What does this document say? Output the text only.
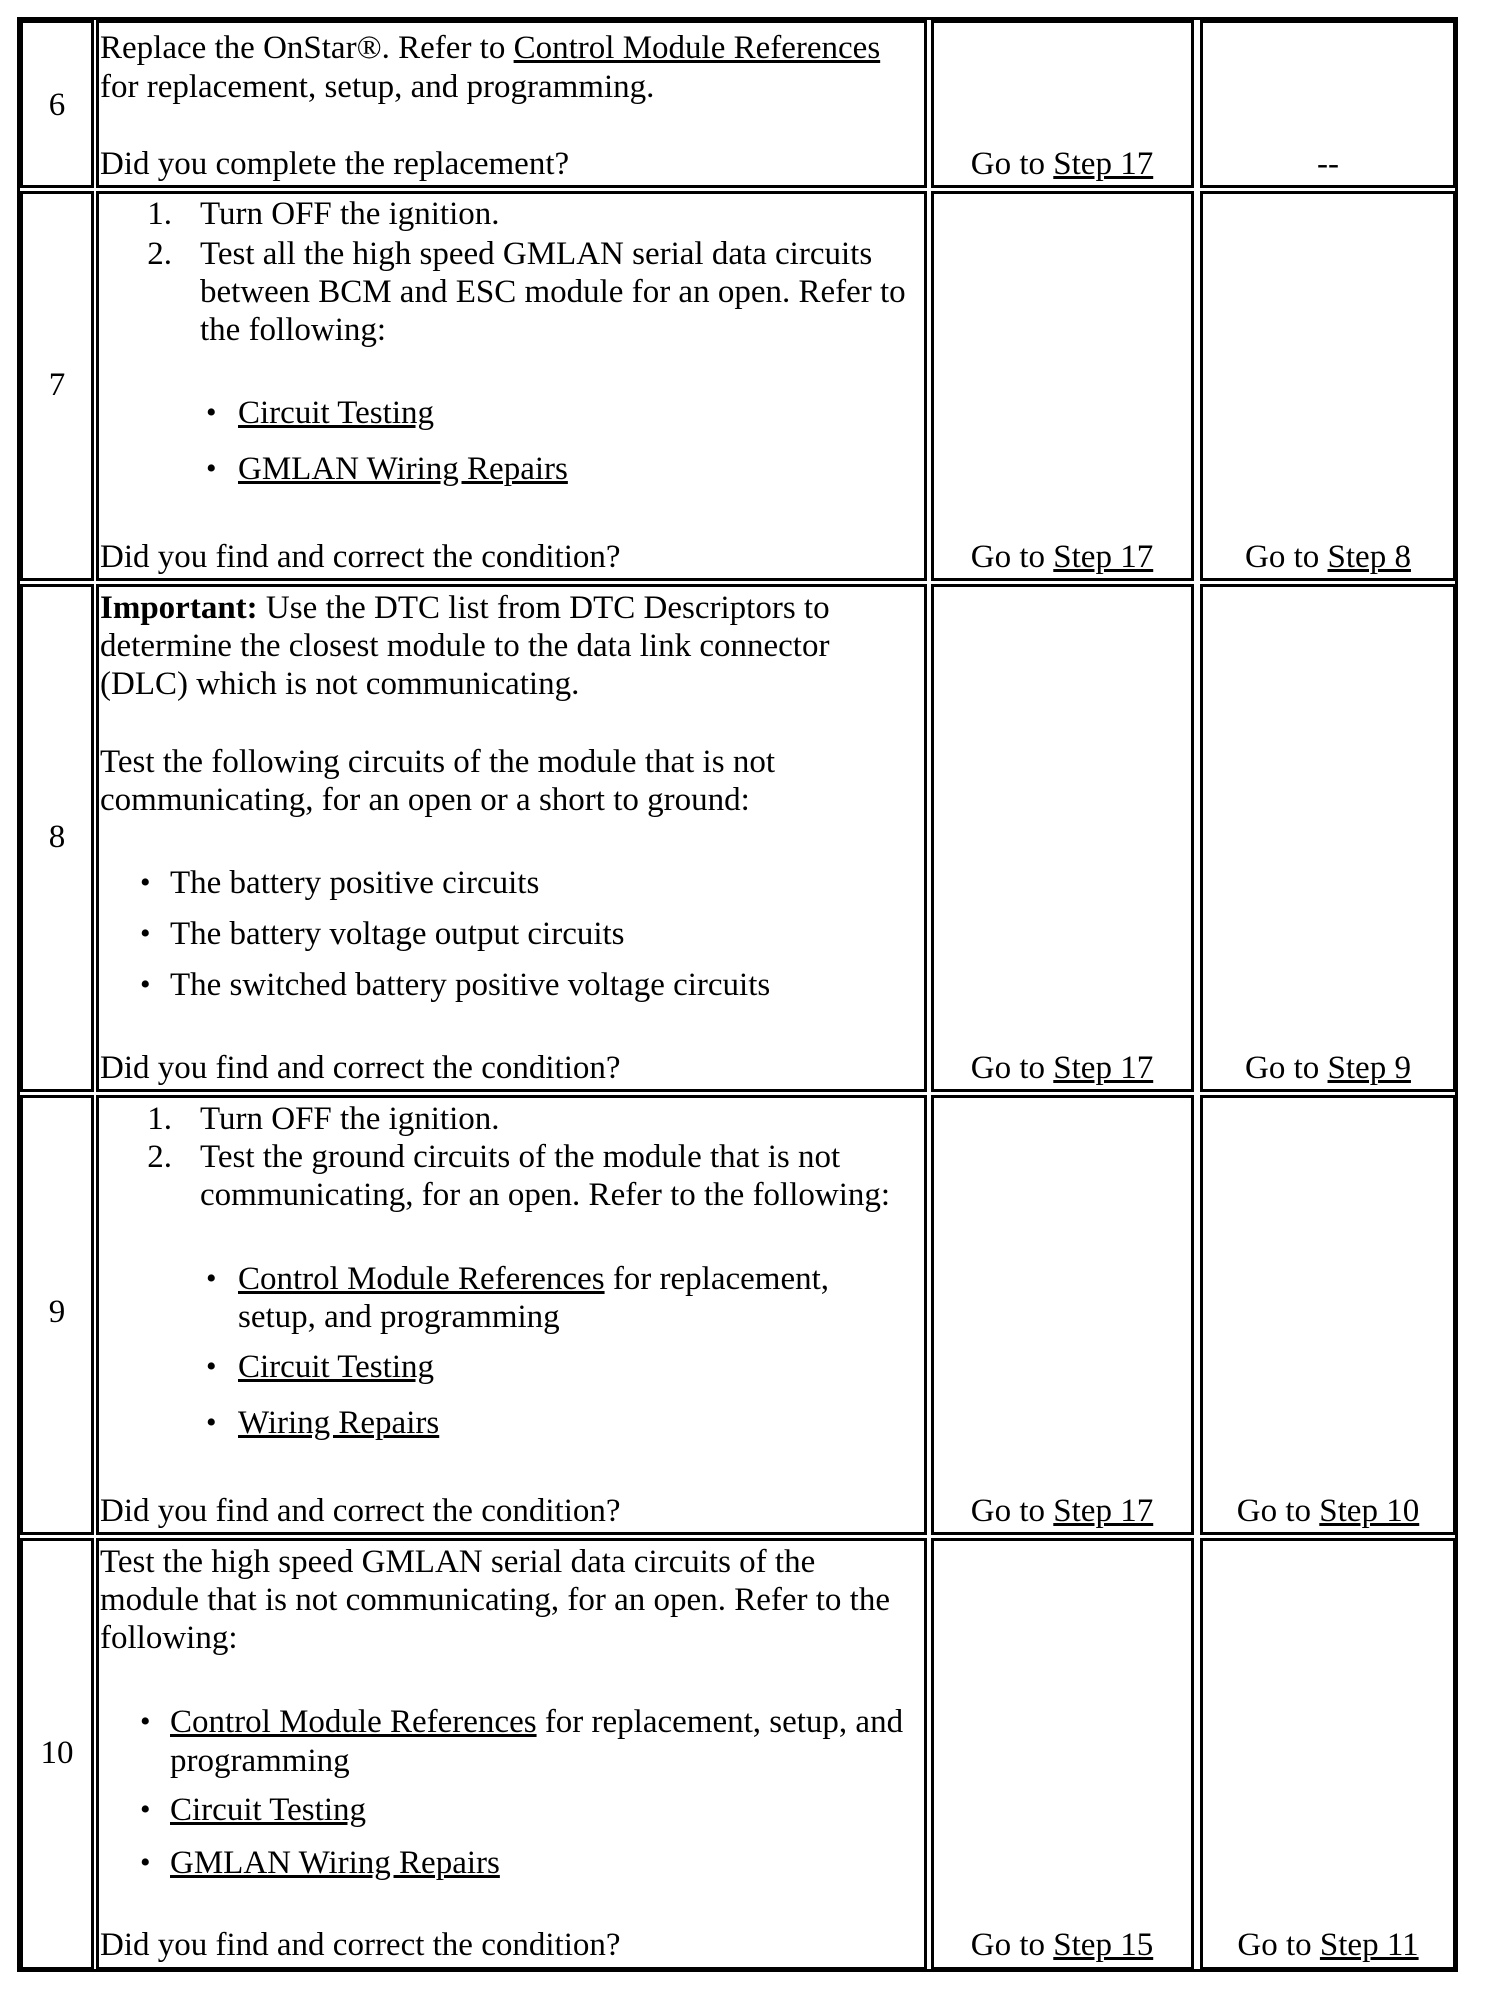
6
Replace the OnStar®. Refer to Control Module References
for replacement, setup, and programming.
Did you complete the replacement?	Go to Step 17	--
7
1. Turn OFF the ignition.
2. Test all the high speed GMLAN serial data circuits
between BCM and ESC module for an open. Refer to
the following:
• Circuit Testing
• GMLAN Wiring Repairs
Did you find and correct the condition?	Go to Step 17	Go to Step 8
8
Important: Use the DTC list from DTC Descriptors to
determine the closest module to the data link connector
(DLC) which is not communicating.
Test the following circuits of the module that is not
communicating, for an open or a short to ground:
• The battery positive circuits
• The battery voltage output circuits
• The switched battery positive voltage circuits
Did you find and correct the condition?	Go to Step 17	Go to Step 9
9
1. Turn OFF the ignition.
2. Test the ground circuits of the module that is not
communicating, for an open. Refer to the following:
• Control Module References for replacement,
setup, and programming
• Circuit Testing
• Wiring Repairs
Did you find and correct the condition?	Go to Step 17	Go to Step 10
10
Test the high speed GMLAN serial data circuits of the
module that is not communicating, for an open. Refer to the
following:
• Control Module References for replacement, setup, and
programming
• Circuit Testing
• GMLAN Wiring Repairs
Did you find and correct the condition?	Go to Step 15	Go to Step 11
